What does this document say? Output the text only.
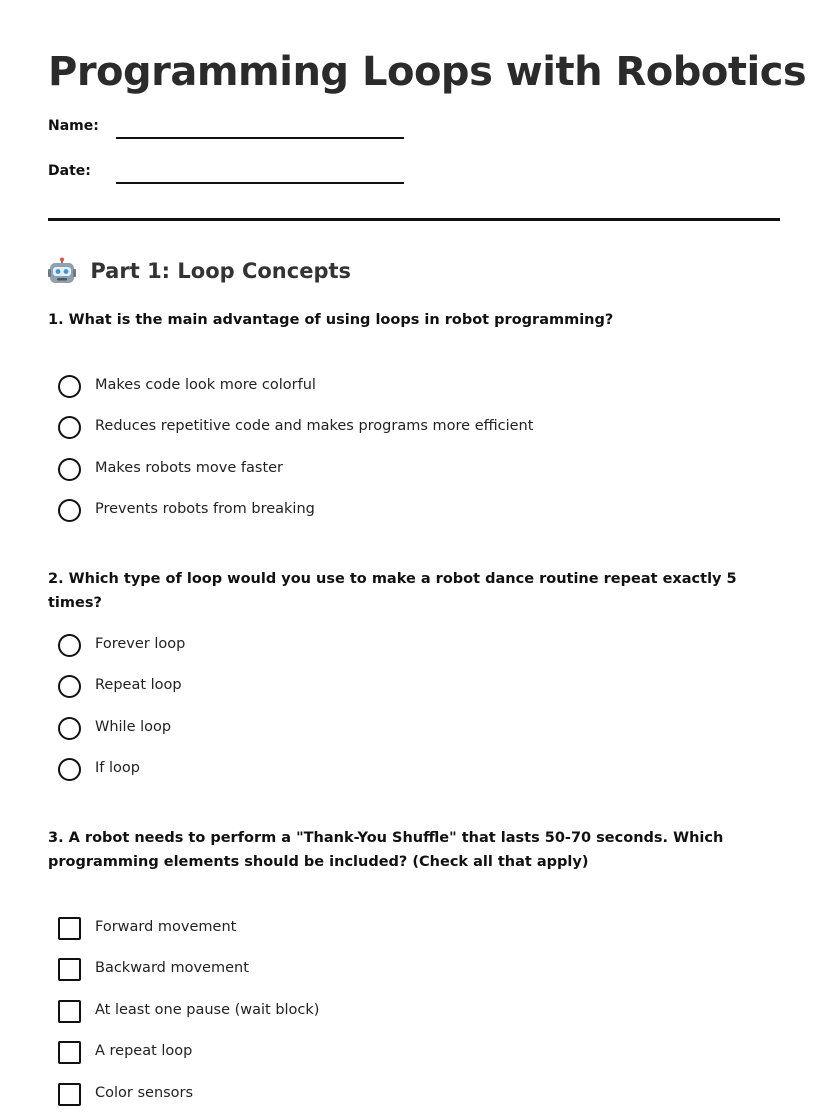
Programming Loops with Robotics
Name:
Date:
Part 1: Loop Concepts

1. What is the main advantage of using loops in robot programming?

Makes code look more colorful
Reduces repetitive code and makes programs more efficient
Makes robots move faster
Prevents robots from breaking

2. Which type of loop would you use to make a robot dance routine repeat exactly 5 times?

Forever loop
Repeat loop
While loop
If loop

3. A robot needs to perform a "Thank-You Shuffle" that lasts 50-70 seconds. Which programming elements should be included? (Check all that apply)

Forward movement
Backward movement
At least one pause (wait block)
A repeat loop
Color sensors
